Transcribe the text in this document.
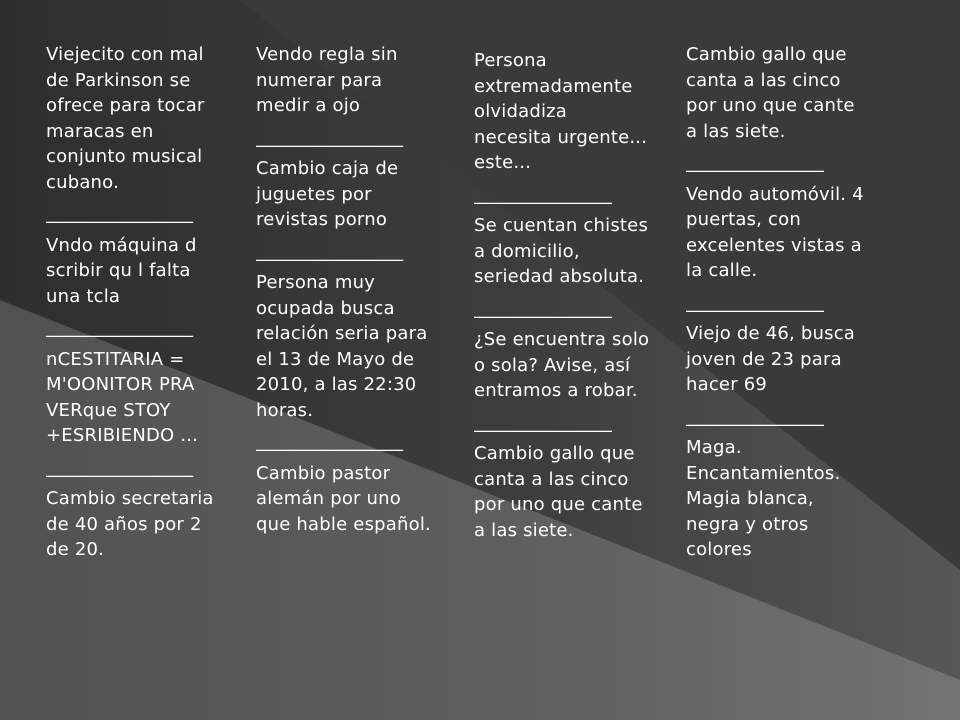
Viejecito con mal de Parkinson se ofrece para tocar maracas en conjunto musical cubano.

________________

Vndo máquina d scribir qu l falta una tcla

________________

nCESTITARIA = M'OONITOR PRA VERque STOY +ESRIBIENDO ...

________________

Cambio secretaria de 40 años por 2 de 20.

Vendo regla sin numerar para medir a ojo

________________

Cambio caja de juguetes por revistas porno

________________

Persona muy ocupada busca relación seria para el 13 de Mayo de 2010, a las 22:30 horas.

________________

Cambio pastor alemán por uno que hable español.

Persona extremadamente olvidadiza necesita urgente... este...

_______________

Se cuentan chistes a domicilio, seriedad absoluta.

_______________

¿Se encuentra solo o sola? Avise, así entramos a robar.

_______________

Cambio gallo que canta a las cinco por uno que cante a las siete.

Cambio gallo que canta a las cinco por uno que cante a las siete.

_______________

Vendo automóvil. 4 puertas, con excelentes vistas a la calle.

_______________

Viejo de 46, busca joven de 23 para hacer 69

_______________

Maga. Encantamientos. Magia blanca, negra y otros colores
